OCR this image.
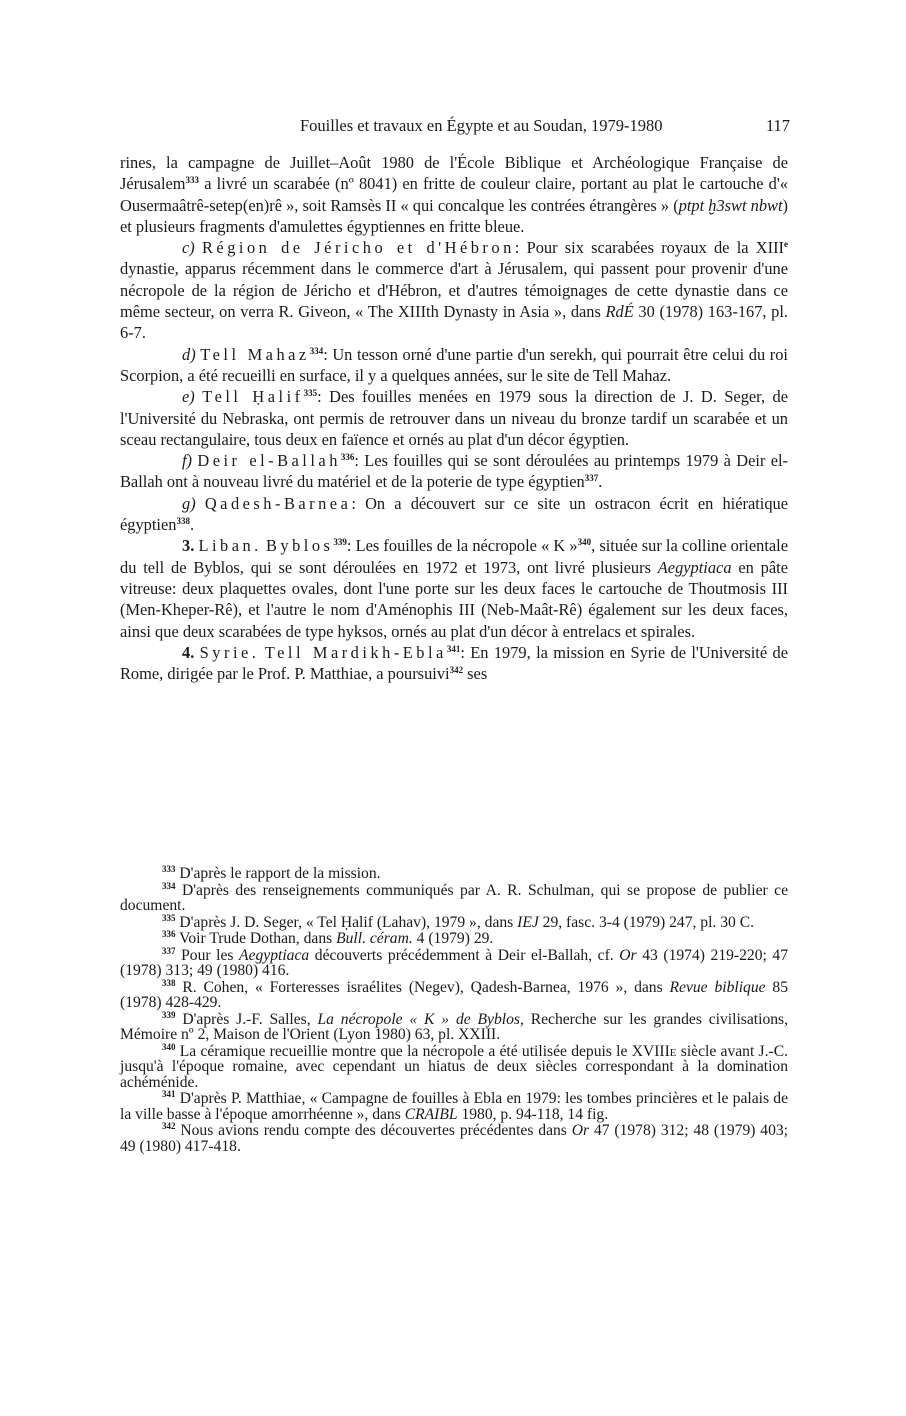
Fouilles et travaux en Égypte et au Soudan, 1979-1980	117

rines, la campagne de Juillet–Août 1980 de l'École Biblique et Archéologique Française de Jérusalem$^{333}$ a livré un scarabée (nº 8041) en fritte de couleur claire, portant au plat le cartouche d'« Ousermaâtrê-setep(en)rê », soit Ramsès II « qui concalque les contrées étrangères » (ptpt ḫ3swt nbwt) et plusieurs fragments d'amulettes égyptiennes en fritte bleue.

c) Région de Jéricho et d'Hébron: Pour six scarabées royaux de la XIIIe dynastie, apparus récemment dans le commerce d'art à Jérusalem, qui passent pour provenir d'une nécropole de la région de Jéricho et d'Hébron, et d'autres témoignages de cette dynastie dans ce même secteur, on verra R. Giveon, « The XIIIth Dynasty in Asia », dans RdÉ 30 (1978) 163-167, pl. 6-7.

d) Tell Mahaz$^{334}$: Un tesson orné d'une partie d'un serekh, qui pourrait être celui du roi Scorpion, a été recueilli en surface, il y a quelques années, sur le site de Tell Mahaz.

e) Tell Ḥalif$^{335}$: Des fouilles menées en 1979 sous la direction de J. D. Seger, de l'Université du Nebraska, ont permis de retrouver dans un niveau du bronze tardif un scarabée et un sceau rectangulaire, tous deux en faïence et ornés au plat d'un décor égyptien.

f) Deir el-Ballah$^{336}$: Les fouilles qui se sont déroulées au printemps 1979 à Deir el-Ballah ont à nouveau livré du matériel et de la poterie de type égyptien$^{337}$.

g) Qadesh-Barnea: On a découvert sur ce site un ostracon écrit en hiératique égyptien$^{338}$.

3. Liban. Byblos$^{339}$: Les fouilles de la nécropole « K »$^{340}$, située sur la colline orientale du tell de Byblos, qui se sont déroulées en 1972 et 1973, ont livré plusieurs Aegyptiaca en pâte vitreuse: deux plaquettes ovales, dont l'une porte sur les deux faces le cartouche de Thoutmosis III (Men-Kheper-Rê), et l'autre le nom d'Aménophis III (Neb-Maât-Rê) également sur les deux faces, ainsi que deux scarabées de type hyksos, ornés au plat d'un décor à entrelacs et spirales.

4. Syrie. Tell Mardikh-Ebla$^{341}$: En 1979, la mission en Syrie de l'Université de Rome, dirigée par le Prof. P. Matthiae, a poursuivi$^{342}$ ses

$^{333}$ D'après le rapport de la mission.

$^{334}$ D'après des renseignements communiqués par A. R. Schulman, qui se propose de publier ce document.

$^{335}$ D'après J. D. Seger, « Tel Ḥalif (Lahav), 1979 », dans IEJ 29, fasc. 3-4 (1979) 247, pl. 30 C.

$^{336}$ Voir Trude Dothan, dans Bull. céram. 4 (1979) 29.

$^{337}$ Pour les Aegyptiaca découverts précédemment à Deir el-Ballah, cf. Or 43 (1974) 219-220; 47 (1978) 313; 49 (1980) 416.

$^{338}$ R. Cohen, « Forteresses israélites (Negev), Qadesh-Barnea, 1976 », dans Revue biblique 85 (1978) 428-429.

$^{339}$ D'après J.-F. Salles, La nécropole « K » de Byblos, Recherche sur les grandes civilisations, Mémoire nº 2, Maison de l'Orient (Lyon 1980) 63, pl. XXIII.

$^{340}$ La céramique recueillie montre que la nécropole a été utilisée depuis le XVIIIe siècle avant J.-C. jusqu'à l'époque romaine, avec cependant un hiatus de deux siècles correspondant à la domination achéménide.

$^{341}$ D'après P. Matthiae, « Campagne de fouilles à Ebla en 1979: les tombes princières et le palais de la ville basse à l'époque amorrhéenne », dans CRAIBL 1980, p. 94-118, 14 fig.

$^{342}$ Nous avions rendu compte des découvertes précédentes dans Or 47 (1978) 312; 48 (1979) 403; 49 (1980) 417-418.
